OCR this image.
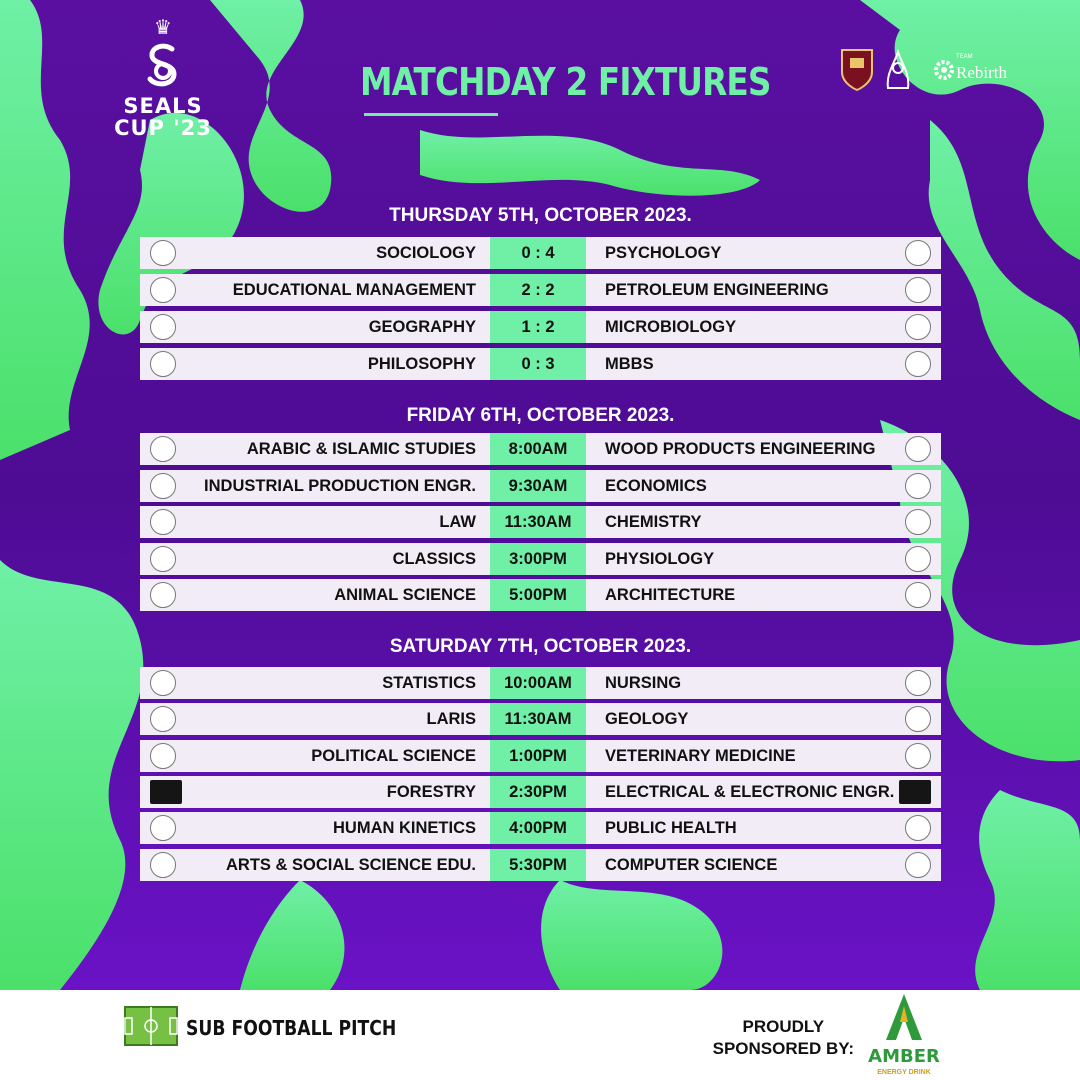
♛
SEALS
CUP '23
MATCHDAY 2 FIXTURES
TEAM
Rebirth
THURSDAY 5TH, OCTOBER 2023.
SOCIOLOGY	0 : 4	PSYCHOLOGY
EDUCATIONAL MANAGEMENT	2 : 2	PETROLEUM ENGINEERING
GEOGRAPHY	1 : 2	MICROBIOLOGY
PHILOSOPHY	0 : 3	MBBS
FRIDAY 6TH, OCTOBER 2023.
ARABIC & ISLAMIC STUDIES	8:00AM	WOOD PRODUCTS ENGINEERING
INDUSTRIAL PRODUCTION ENGR.	9:30AM	ECONOMICS
LAW	11:30AM	CHEMISTRY
CLASSICS	3:00PM	PHYSIOLOGY
ANIMAL SCIENCE	5:00PM	ARCHITECTURE
SATURDAY 7TH, OCTOBER 2023.
STATISTICS	10:00AM	NURSING
LARIS	11:30AM	GEOLOGY
POLITICAL SCIENCE	1:00PM	VETERINARY MEDICINE
FORESTRY	2:30PM	ELECTRICAL & ELECTRONIC ENGR.
HUMAN KINETICS	4:00PM	PUBLIC HEALTH
ARTS & SOCIAL SCIENCE EDU.	5:30PM	COMPUTER SCIENCE
SUB FOOTBALL PITCH	PROUDLY
SPONSORED BY: AMBER
ENERGY DRINK
